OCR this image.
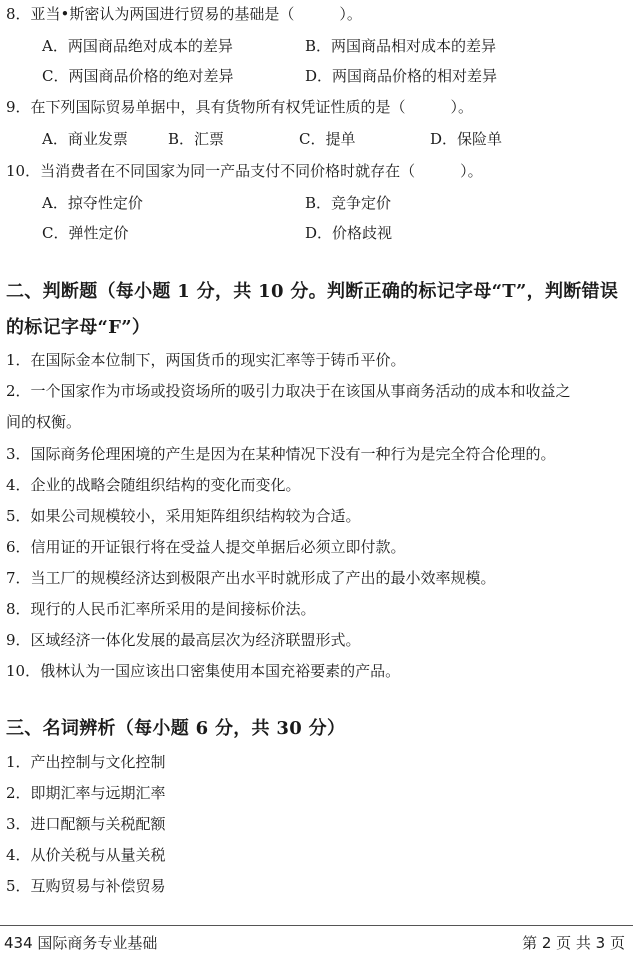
8．亚当•斯密认为两国进行贸易的基础是（　　　）。
A．两国商品绝对成本的差异	B．两国商品相对成本的差异
C．两国商品价格的绝对差异	D．两国商品价格的相对差异
9．在下列国际贸易单据中，具有货物所有权凭证性质的是（　　　）。
A．商业发票	B．汇票	C．提单	D．保险单
10．当消费者在不同国家为同一产品支付不同价格时就存在（　　　）。
A．掠夺性定价	B．竞争定价
C．弹性定价	D．价格歧视
二、判断题（每小题 1 分，共 10 分。判断正确的标记字母“T”，判断错误
的标记字母“F”）
1．在国际金本位制下，两国货币的现实汇率等于铸币平价。
2．一个国家作为市场或投资场所的吸引力取决于在该国从事商务活动的成本和收益之
间的权衡。
3．国际商务伦理困境的产生是因为在某种情况下没有一种行为是完全符合伦理的。
4．企业的战略会随组织结构的变化而变化。
5．如果公司规模较小，采用矩阵组织结构较为合适。
6．信用证的开证银行将在受益人提交单据后必须立即付款。
7．当工厂的规模经济达到极限产出水平时就形成了产出的最小效率规模。
8．现行的人民币汇率所采用的是间接标价法。
9．区域经济一体化发展的最高层次为经济联盟形式。
10．俄林认为一国应该出口密集使用本国充裕要素的产品。
三、名词辨析（每小题 6 分，共 30 分）
1．产出控制与文化控制
2．即期汇率与远期汇率
3．进口配额与关税配额
4．从价关税与从量关税
5．互购贸易与补偿贸易
434 国际商务专业基础	第 2 页 共 3 页
